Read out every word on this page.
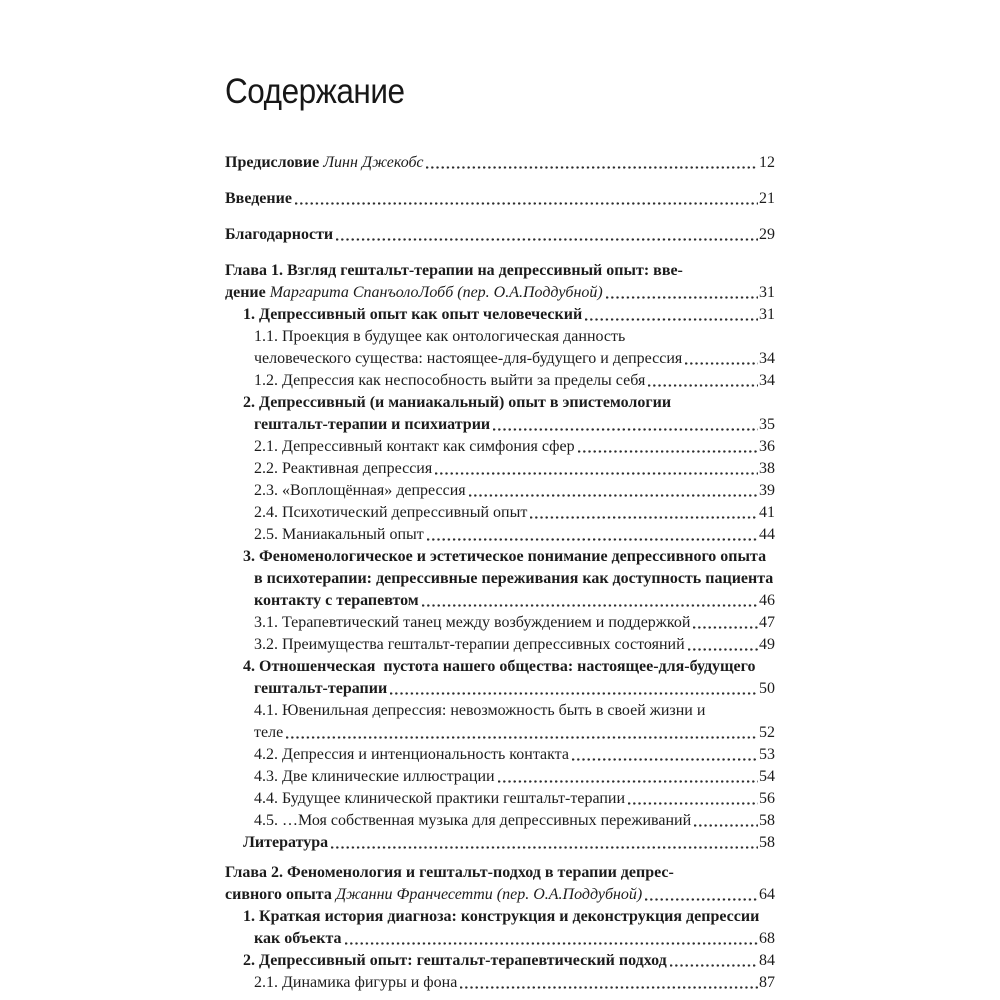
Содержание
Предисловие Линн Джекобс	12
Введение	21
Благодарности	29
Глава 1. Взгляд гештальт-терапии на депрессивный опыт: вве-
дение Маргарита СпанъолоЛобб (пер. О.А.Поддубной)	31
1. Депрессивный опыт как опыт человеческий	31
1.1. Проекция в будущее как онтологическая данность
человеческого существа: настоящее-для-будущего и депрессия	34
1.2. Депрессия как неспособность выйти за пределы себя	34
2. Депрессивный (и маниакальный) опыт в эпистемологии
гештальт-терапии и психиатрии	35
2.1. Депрессивный контакт как симфония сфер	36
2.2. Реактивная депрессия	38
2.3. «Воплощённая» депрессия	39
2.4. Психотический депрессивный опыт	41
2.5. Маниакальный опыт	44
3. Феноменологическое и эстетическое понимание депрессивного опыта
в психотерапии: депрессивные переживания как доступность пациента
контакту с терапевтом	46
3.1. Терапевтический танец между возбуждением и поддержкой	47
3.2. Преимущества гештальт-терапии депрессивных состояний	49
4. Отношенческая  пустота нашего общества: настоящее-для-будущего
гештальт-терапии	50
4.1. Ювенильная депрессия: невозможность быть в своей жизни и
теле	52
4.2. Депрессия и интенциональность контакта	53
4.3. Две клинические иллюстрации	54
4.4. Будущее клинической практики гештальт-терапии	56
4.5. …Моя собственная музыка для депрессивных переживаний	58
Литература	58
Глава 2. Феноменология и гештальт-подход в терапии депрес-
сивного опыта Джанни Франчесетти (пер. О.А.Поддубной)	64
1. Краткая история диагноза: конструкция и деконструкция депрессии
как объекта	68
2. Депрессивный опыт: гештальт-терапевтический подход	84
2.1. Динамика фигуры и фона	87
